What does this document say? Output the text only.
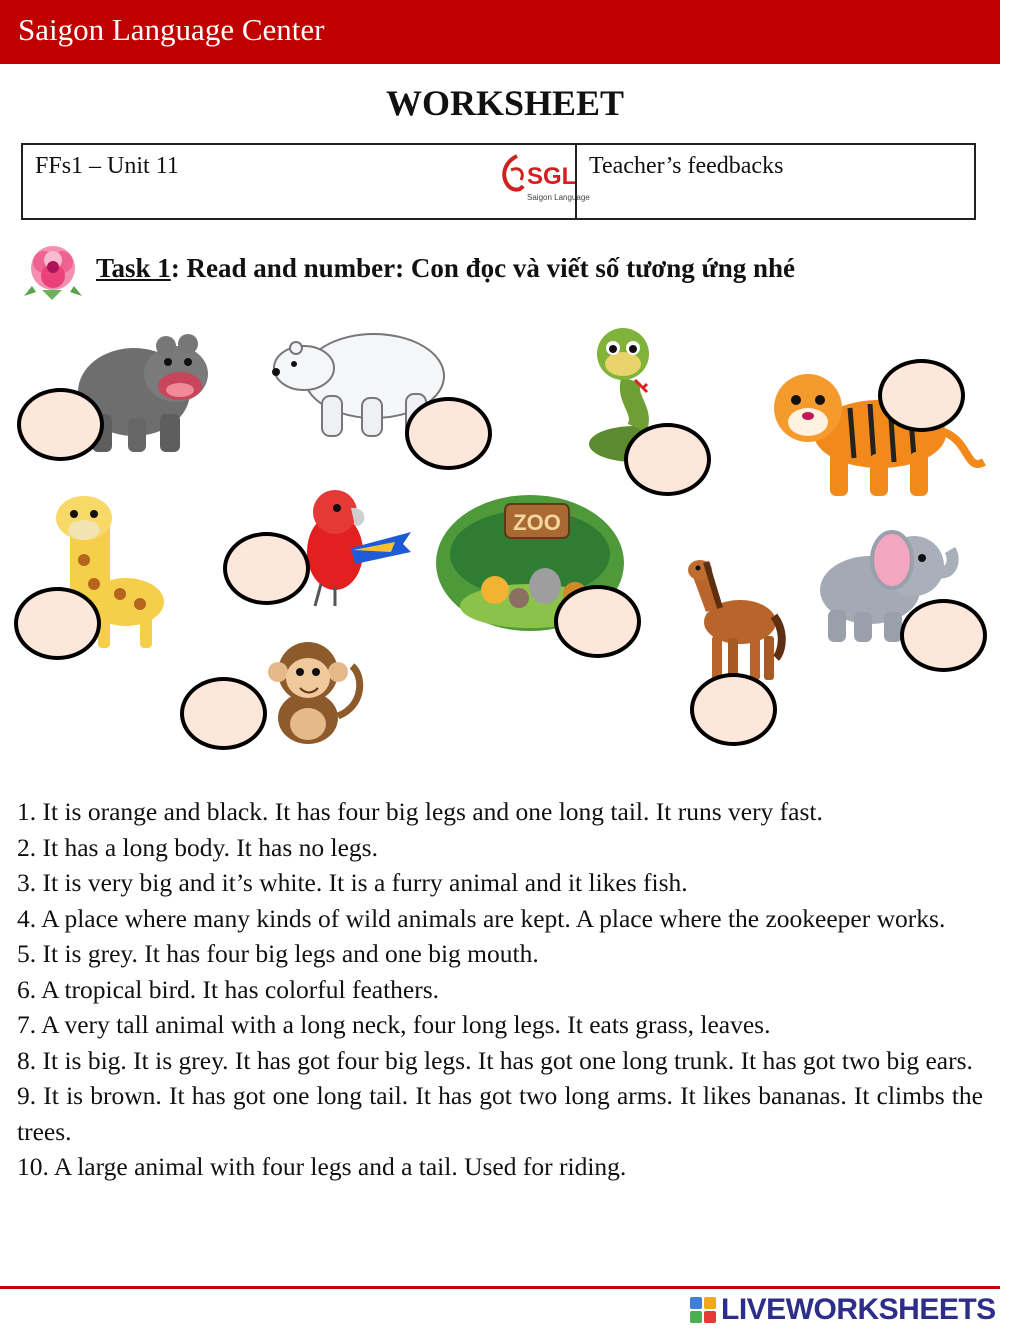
Saigon Language Center
WORKSHEET
FFs1 – Unit 11	SGL
Saigon Language
Teacher’s feedbacks
Task 1: Read and number: Con đọc và viết số tương ứng nhé
ZOO
1. It is orange and black. It has four big legs and one long tail. It runs very fast.
2. It has a long body. It has no legs.
3. It is very big and it’s white. It is a furry animal and it likes fish.
4. A place where many kinds of wild animals are kept. A place where the zookeeper works.
5. It is grey. It has four big legs and one big mouth.
6. A tropical bird. It has colorful feathers.
7. A very tall animal with a long neck, four long legs. It eats grass, leaves.
8. It is big. It is grey. It has got four big legs. It has got one long trunk. It has got two big ears.
9. It is brown. It has got one long tail. It has got two long arms. It likes bananas. It climbs the trees.
10. A large animal with four legs and a tail. Used for riding.
LIVEWORKSHEETS
